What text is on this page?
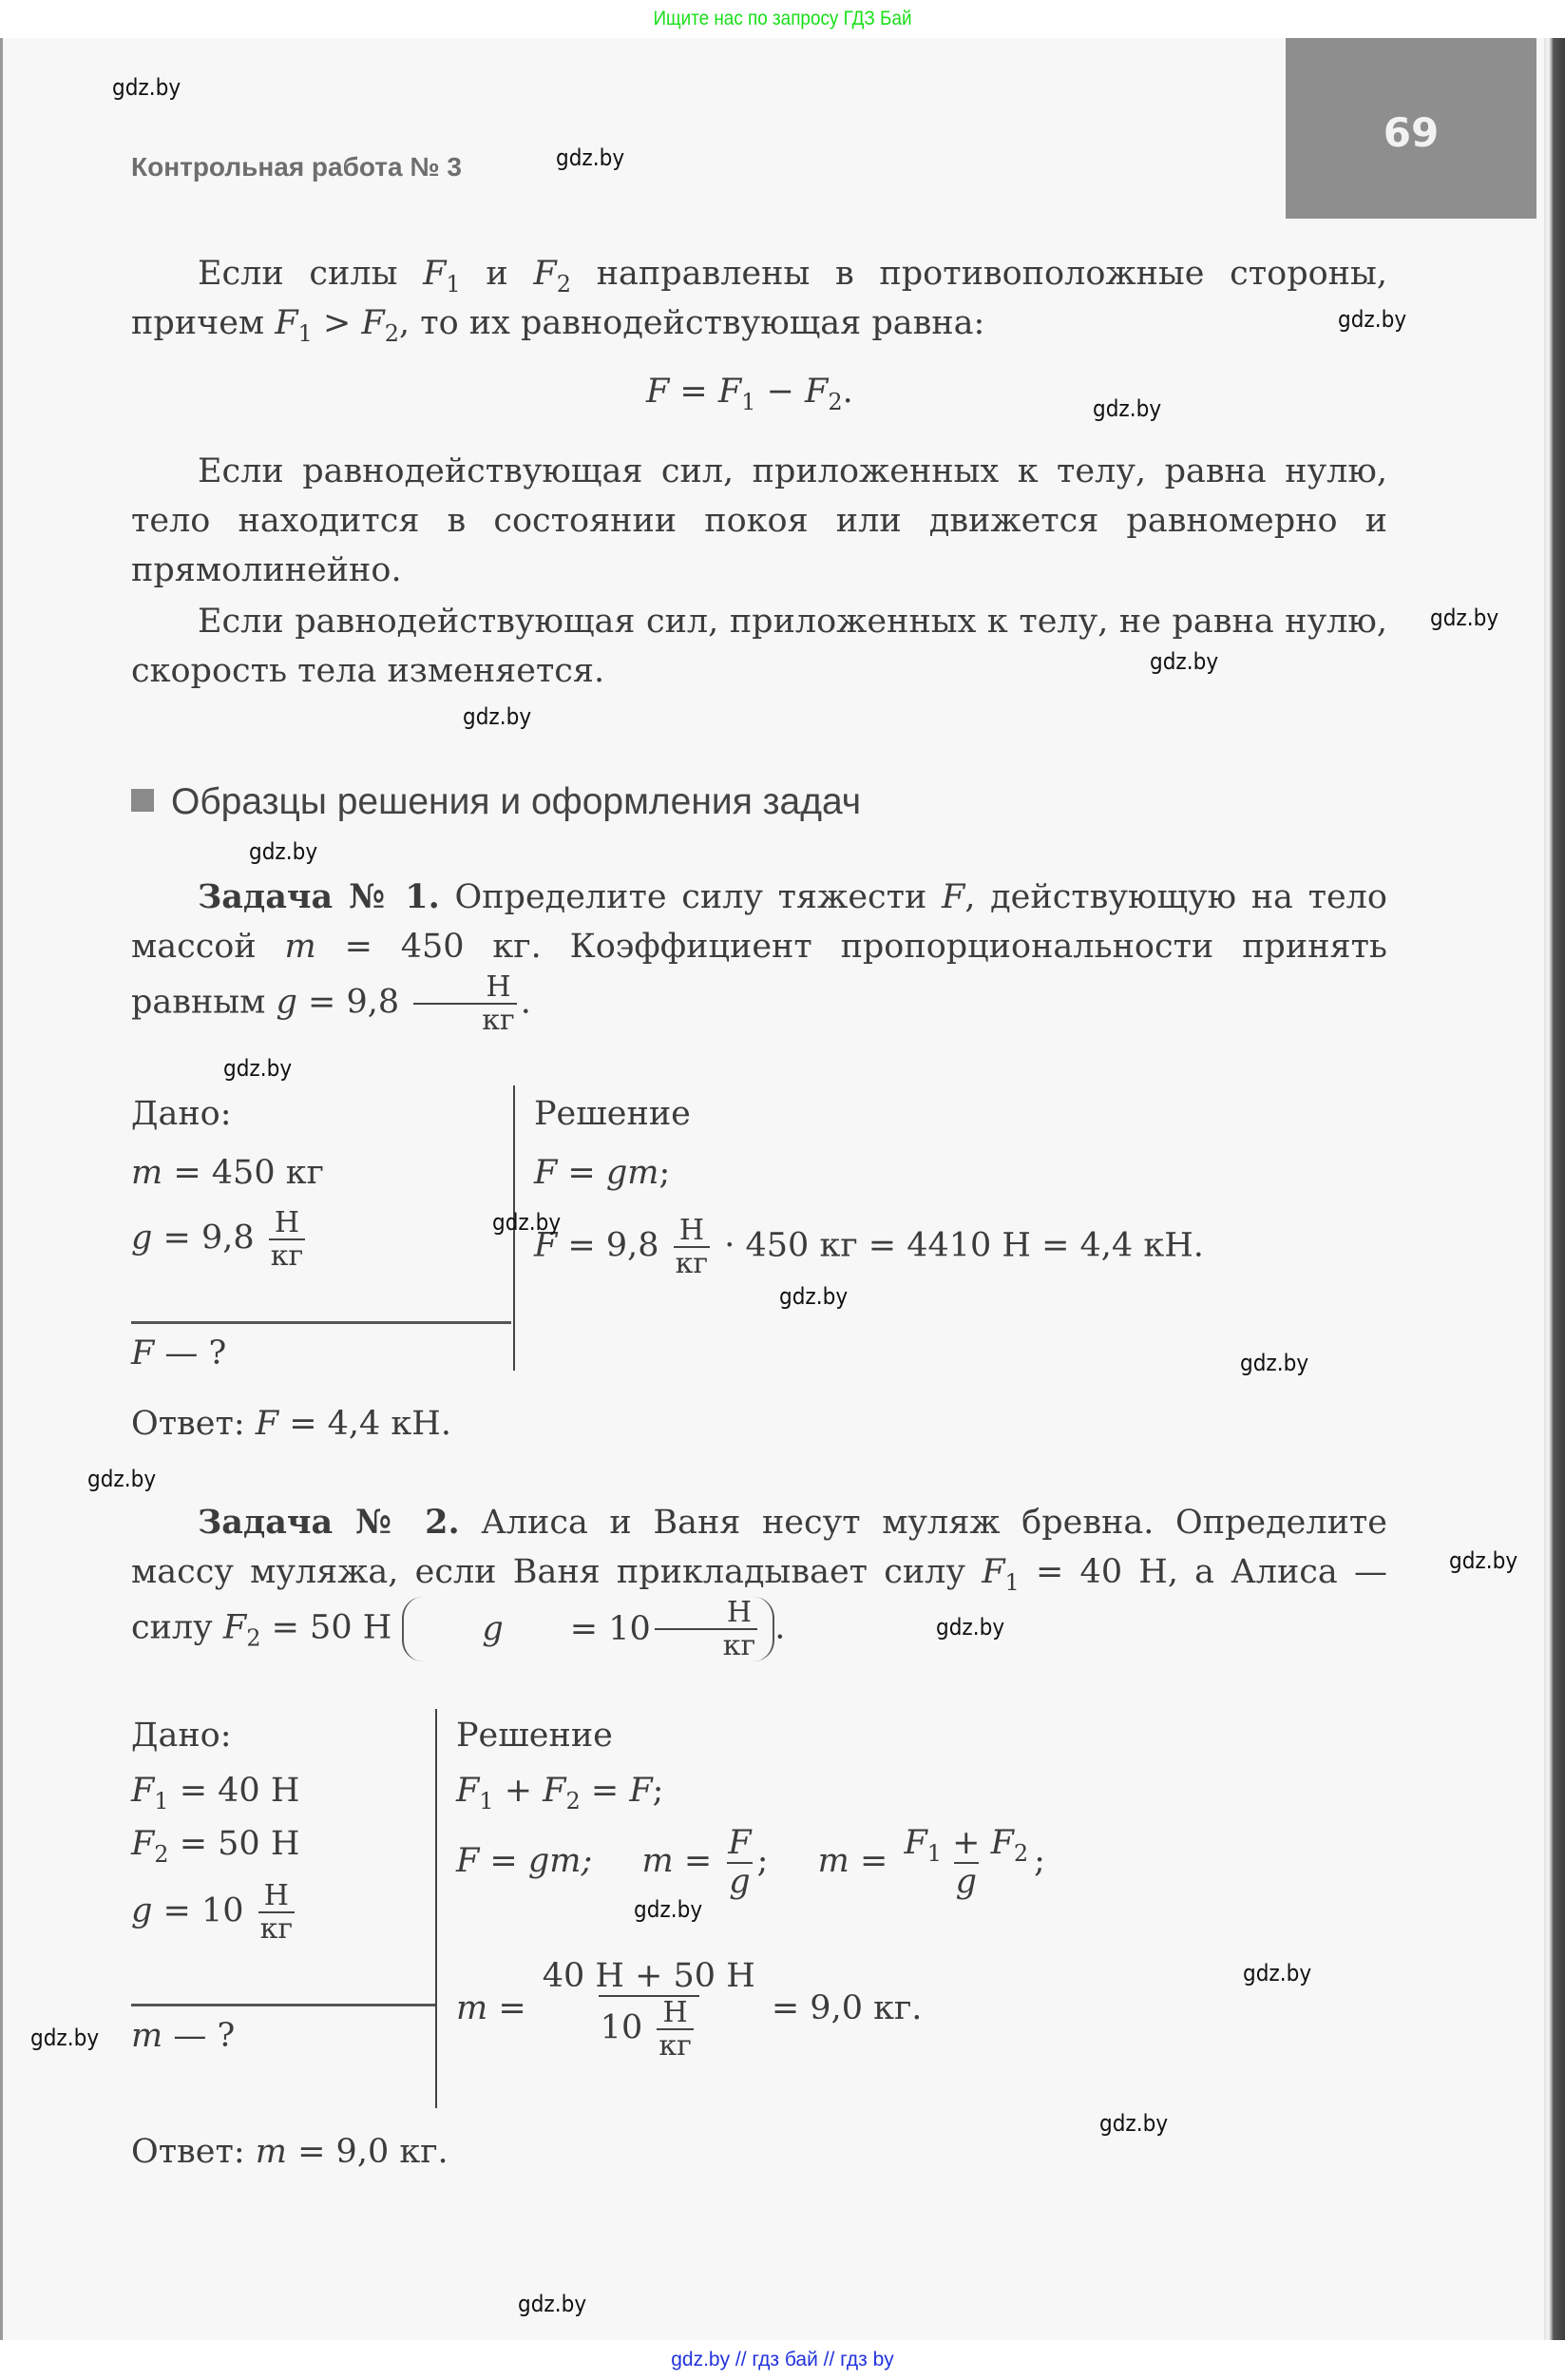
Ищите нас по запросу ГДЗ Бай
69
Контрольная работа № 3
Если силы $F_1$ и $F_2$ направлены в противоположные стороны, причем $F_1 > F_2$, то их равнодействующая равна:
$F = F_1 - F_2$.
Если равнодействующая сил, приложенных к телу, равна нулю, тело находится в состоянии покоя или движется равномерно и прямолинейно.
Если равнодействующая сил, приложенных к телу, не равна нулю, скорость тела изменяется.
Образцы решения и оформления задач
Задача № 1. Определите силу тяжести F, действующую на тело массой m = 450 кг. Коэффициент пропорциональности принять равным $g = 9,8 \frac{Н}{кг}$ .
Дано:
m = 450 кг
$g = 9,8 \frac{Н}{кг}$
F — ?
Решение
F = gm;
$F = 9,8 \frac{Н}{кг} \cdot 450$ кг = 4410 Н = 4,4 кН.
Ответ: F = 4,4 кН.
Задача № 2. Алиса и Ваня несут муляж бревна. Определите массу муляжа, если Ваня прикладывает силу $F_1 = 40$ Н, а Алиса — силу $F_2 = 50$ Н	g	= $10 \frac{Н}{кг}$ .
Дано:
$F_1 = 40$ Н
$F_2 = 50$ Н
$g = 10 \frac{Н}{кг}$
m — ?
Решение
$F_1 + F_2 = F$;
F = gm; $m = \frac{F}{g}$ ; $m = \frac{F_1 + F_2}{g}$ ;
$m = \frac{40 Н + 50 Н}{10 \frac{Н}{кг}} = 9,0$ кг.
Ответ: m = 9,0 кг.
gdz.by
gdz.by
gdz.by
gdz.by
gdz.by
gdz.by
gdz.by
gdz.by
gdz.by
gdz.by
gdz.by
gdz.by
gdz.by
gdz.by
gdz.by
gdz.by
gdz.by
gdz.by
gdz.by
gdz.by
gdz.by // гдз бай // гдз by
